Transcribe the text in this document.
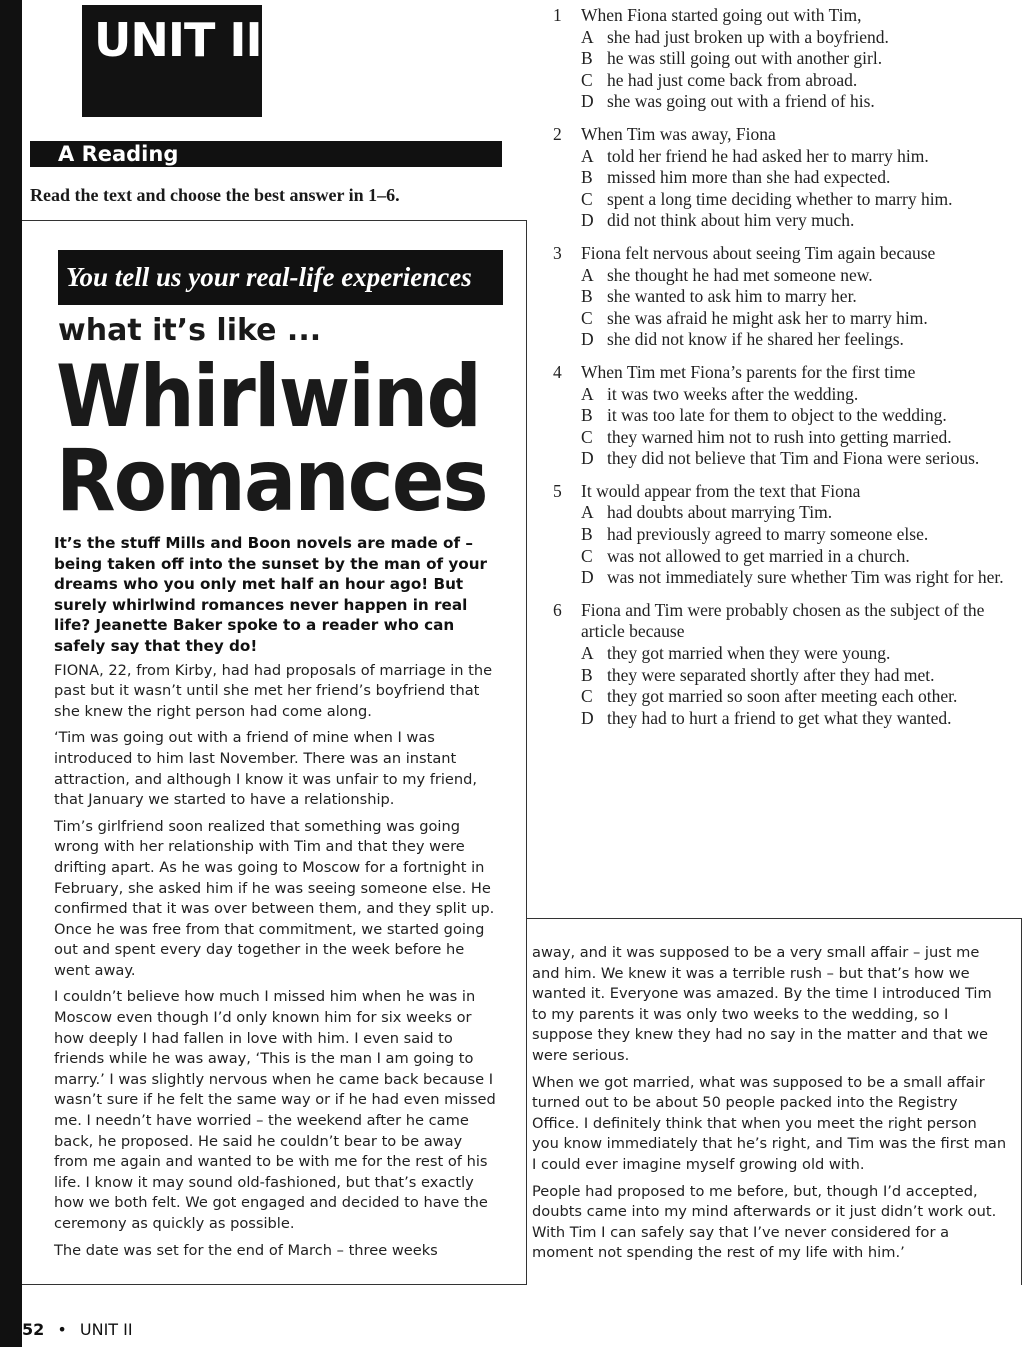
UNIT II
A Reading
Read the text and choose the best answer in 1–6.
You tell us your real-life experiences
what it’s like ...
Whirlwind
Romances

It’s the stuff Mills and Boon novels are made of – being taken off into the sunset by the man of your dreams who you only met half an hour ago! But surely whirlwind romances never happen in real life? Jeanette Baker spoke to a reader who can safely say that they do!

FIONA, 22, from Kirby, had had proposals of marriage in the past but it wasn’t until she met her friend’s boyfriend that she knew the right person had come along.

‘Tim was going out with a friend of mine when I was introduced to him last November. There was an instant attraction, and although I know it was unfair to my friend, that January we started to have a relationship.

Tim’s girlfriend soon realized that something was going wrong with her relationship with Tim and that they were drifting apart. As he was going to Moscow for a fortnight in February, she asked him if he was seeing someone else. He confirmed that it was over between them, and they split up. Once he was free from that commitment, we started going out and spent every day together in the week before he went away.

I couldn’t believe how much I missed him when he was in Moscow even though I’d only known him for six weeks or how deeply I had fallen in love with him. I even said to friends while he was away, ‘This is the man I am going to marry.’ I was slightly nervous when he came back because I wasn’t sure if he felt the same way or if he had even missed me. I needn’t have worried – the weekend after he came back, he proposed. He said he couldn’t bear to be away from me again and wanted to be with me for the rest of his life. I know it may sound old-fashioned, but that’s exactly how we both felt. We got engaged and decided to have the ceremony as quickly as possible.

The date was set for the end of March – three weeks

away, and it was supposed to be a very small affair – just me and him. We knew it was a terrible rush – but that’s how we wanted it. Everyone was amazed. By the time I introduced Tim to my parents it was only two weeks to the wedding, so I suppose they knew they had no say in the matter and that we were serious.

When we got married, what was supposed to be a small affair turned out to be about 50 people packed into the Registry Office. I definitely think that when you meet the right person you know immediately that he’s right, and Tim was the first man I could ever imagine myself growing old with.

People had proposed to me before, but, though I’d accepted, doubts came into my mind afterwards or it just didn’t work out. With Tim I can safely say that I’ve never considered for a moment not spending the rest of my life with him.’

1	When Fiona started going out with Tim,
A she had just broken up with a boyfriend.
B he was still going out with another girl.
C he had just come back from abroad.
D she was going out with a friend of his.
2	When Tim was away, Fiona
A told her friend he had asked her to marry him.
B missed him more than she had expected.
C spent a long time deciding whether to marry him.
D did not think about him very much.
3	Fiona felt nervous about seeing Tim again because
A she thought he had met someone new.
B she wanted to ask him to marry her.
C she was afraid he might ask her to marry him.
D she did not know if he shared her feelings.
4	When Tim met Fiona’s parents for the first time
A it was two weeks after the wedding.
B it was too late for them to object to the wedding.
C they warned him not to rush into getting married.
D they did not believe that Tim and Fiona were serious.
5	It would appear from the text that Fiona
A had doubts about marrying Tim.
B had previously agreed to marry someone else.
C was not allowed to get married in a church.
D was not immediately sure whether Tim was right for her.
6	Fiona and Tim were probably chosen as the subject of the article because
A they got married when they were young.
B they were separated shortly after they had met.
C they got married so soon after meeting each other.
D they had to hurt a friend to get what they wanted.
52 • UNIT II
